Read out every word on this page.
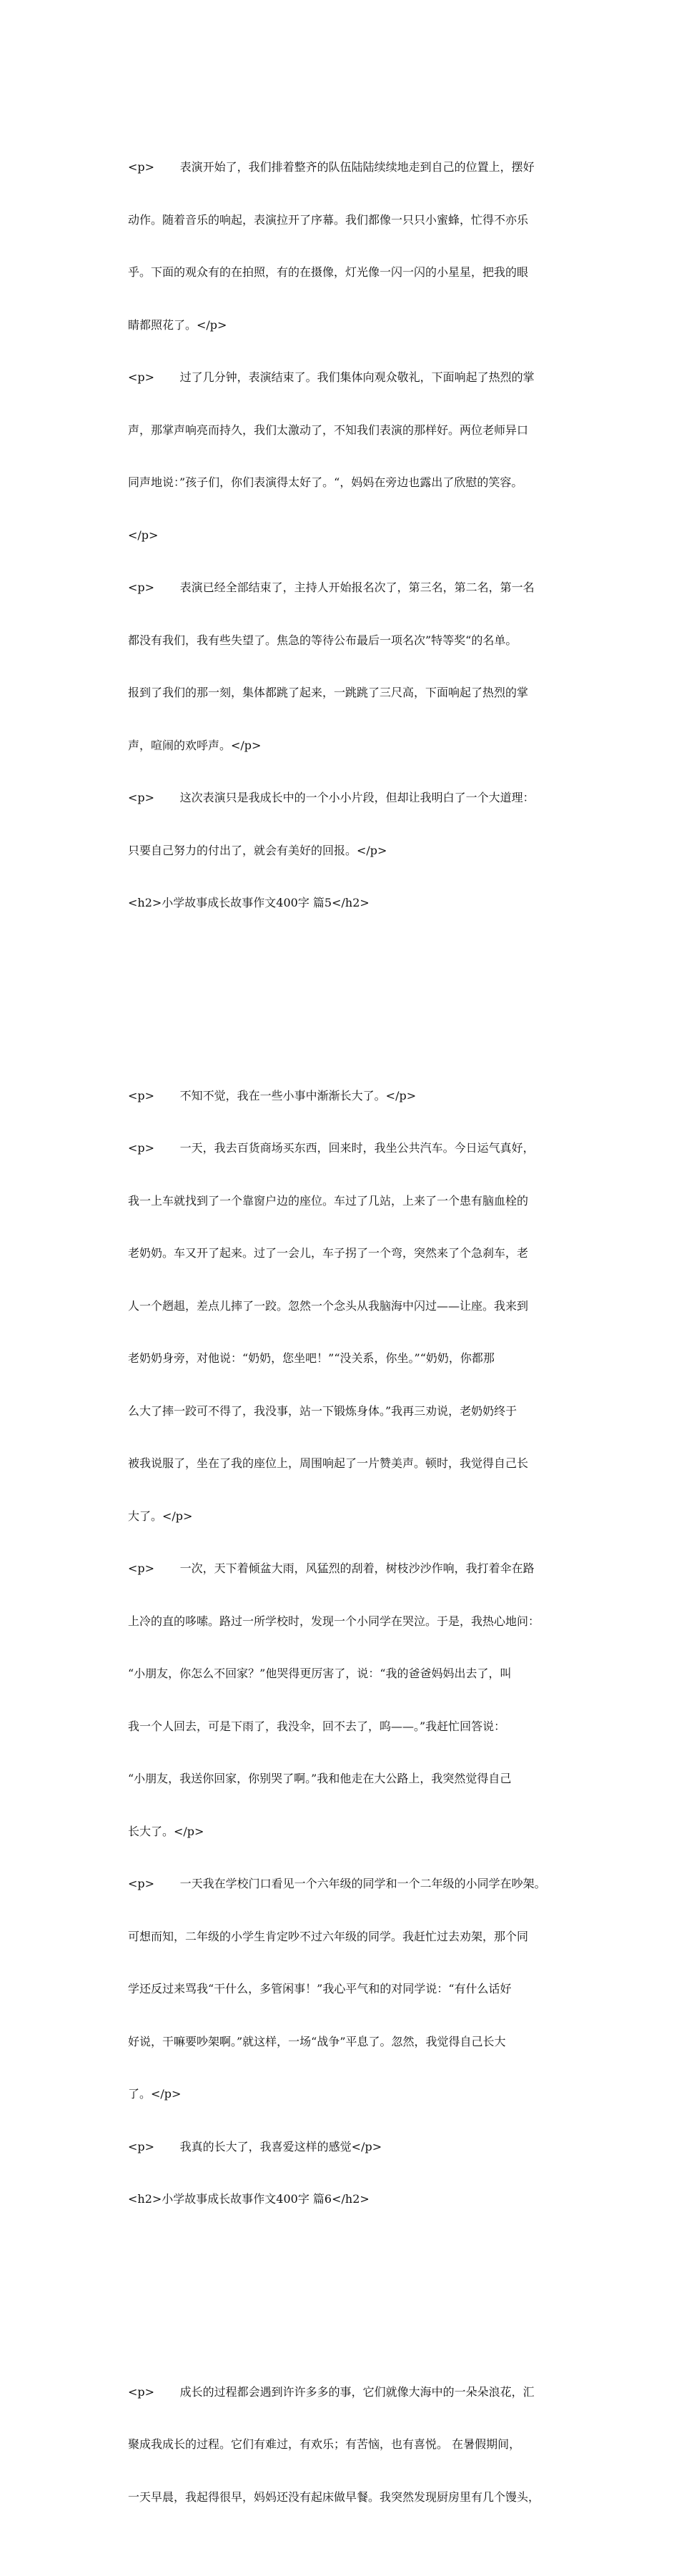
<p>       表演开始了，我们排着整齐的队伍陆陆续续地走到自己的位置上，摆好

动作。随着音乐的响起，表演拉开了序幕。我们都像一只只小蜜蜂，忙得不亦乐

乎。下面的观众有的在拍照，有的在摄像，灯光像一闪一闪的小星星，把我的眼

睛都照花了。</p>

<p>       过了几分钟，表演结束了。我们集体向观众敬礼，下面响起了热烈的掌

声，那掌声响亮而持久，我们太激动了，不知我们表演的那样好。两位老师异口

同声地说：”孩子们，你们表演得太好了。“，妈妈在旁边也露出了欣慰的笑容。

</p>

<p>       表演已经全部结束了，主持人开始报名次了，第三名，第二名，第一名

都没有我们，我有些失望了。焦急的等待公布最后一项名次”特等奖“的名单。

报到了我们的那一刻，集体都跳了起来，一跳跳了三尺高，下面响起了热烈的掌

声，喧闹的欢呼声。</p>

<p>       这次表演只是我成长中的一个小小片段，但却让我明白了一个大道理：

只要自己努力的付出了，就会有美好的回报。</p>

<h2>小学故事成长故事作文400字 篇5</h2>

<p>       不知不觉，我在一些小事中渐渐长大了。</p>

<p>       一天，我去百货商场买东西，回来时，我坐公共汽车。今日运气真好，

我一上车就找到了一个靠窗户边的座位。车过了几站，上来了一个患有脑血栓的

老奶奶。车又开了起来。过了一会儿，车子拐了一个弯，突然来了个急刹车，老

人一个趔趄，差点儿摔了一跤。忽然一个念头从我脑海中闪过——让座。我来到

老奶奶身旁，对他说：“奶奶，您坐吧！”“没关系，你坐。”“奶奶，你都那

么大了摔一跤可不得了，我没事，站一下锻炼身体。”我再三劝说，老奶奶终于

被我说服了，坐在了我的座位上，周围响起了一片赞美声。顿时，我觉得自己长

大了。</p>

<p>       一次，天下着倾盆大雨，风猛烈的刮着，树枝沙沙作响，我打着伞在路

上冷的直的哆嗦。路过一所学校时，发现一个小同学在哭泣。于是，我热心地问：

“小朋友，你怎么不回家？”他哭得更厉害了，说：“我的爸爸妈妈出去了，叫

我一个人回去，可是下雨了，我没伞，回不去了，呜——。”我赶忙回答说：

“小朋友，我送你回家，你别哭了啊。”我和他走在大公路上，我突然觉得自己

长大了。</p>

<p>       一天我在学校门口看见一个六年级的同学和一个二年级的小同学在吵架。

可想而知，二年级的小学生肯定吵不过六年级的同学。我赶忙过去劝架，那个同

学还反过来骂我“干什么，多管闲事！”我心平气和的对同学说：“有什么话好

好说，干嘛要吵架啊。”就这样，一场“战争”平息了。忽然，我觉得自己长大

了。</p>

<p>       我真的长大了，我喜爱这样的感觉</p>

<h2>小学故事成长故事作文400字 篇6</h2>

<p>       成长的过程都会遇到许许多多的事，它们就像大海中的一朵朵浪花，汇

聚成我成长的过程。它们有难过，有欢乐；有苦恼，也有喜悦。 在暑假期间，

一天早晨，我起得很早，妈妈还没有起床做早餐。我突然发现厨房里有几个馒头，
